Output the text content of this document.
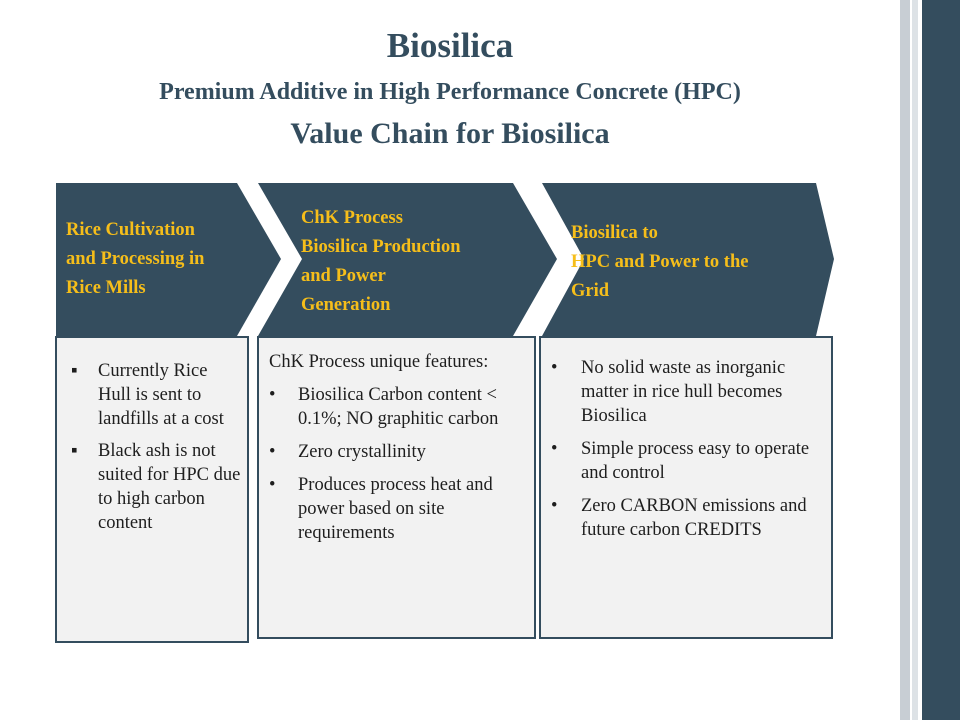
Biosilica
Premium Additive in High Performance Concrete (HPC)
Value Chain for Biosilica
Rice Cultivation
and Processing in
Rice Mills
ChK Process
Biosilica Production
and Power
Generation
Biosilica to
HPC and Power to the
Grid
▪ Currently Rice Hull is sent to landfills at a cost
▪ Black ash is not suited for HPC due to high carbon content

ChK Process unique features:

• Biosilica Carbon content < 0.1%; NO graphitic carbon
• Zero crystallinity
• Produces process heat and power based on site requirements
• No solid waste as inorganic matter in rice hull becomes Biosilica
• Simple process easy to operate and control
• Zero CARBON emissions and future carbon CREDITS
